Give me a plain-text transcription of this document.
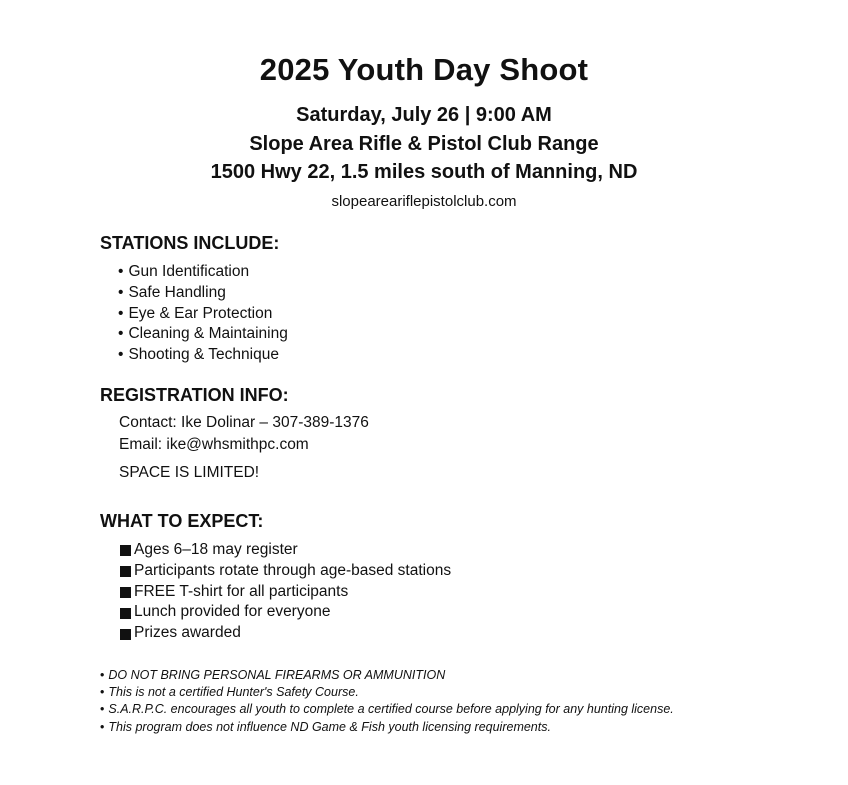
2025 Youth Day Shoot
Saturday, July 26 | 9:00 AM
Slope Area Rifle & Pistol Club Range
1500 Hwy 22, 1.5 miles south of Manning, ND
slopeareariflepistolclub.com
STATIONS INCLUDE:
• Gun Identification
• Safe Handling
• Eye & Ear Protection
• Cleaning & Maintaining
• Shooting & Technique
REGISTRATION INFO:
Contact: Ike Dolinar – 307-389-1376
Email: ike@whsmithpc.com
SPACE IS LIMITED!
WHAT TO EXPECT:
Ages 6–18 may register
Participants rotate through age-based stations
FREE T-shirt for all participants
Lunch provided for everyone
Prizes awarded
• DO NOT BRING PERSONAL FIREARMS OR AMMUNITION
• This is not a certified Hunter's Safety Course.
• S.A.R.P.C. encourages all youth to complete a certified course before applying for any hunting license.
• This program does not influence ND Game & Fish youth licensing requirements.
